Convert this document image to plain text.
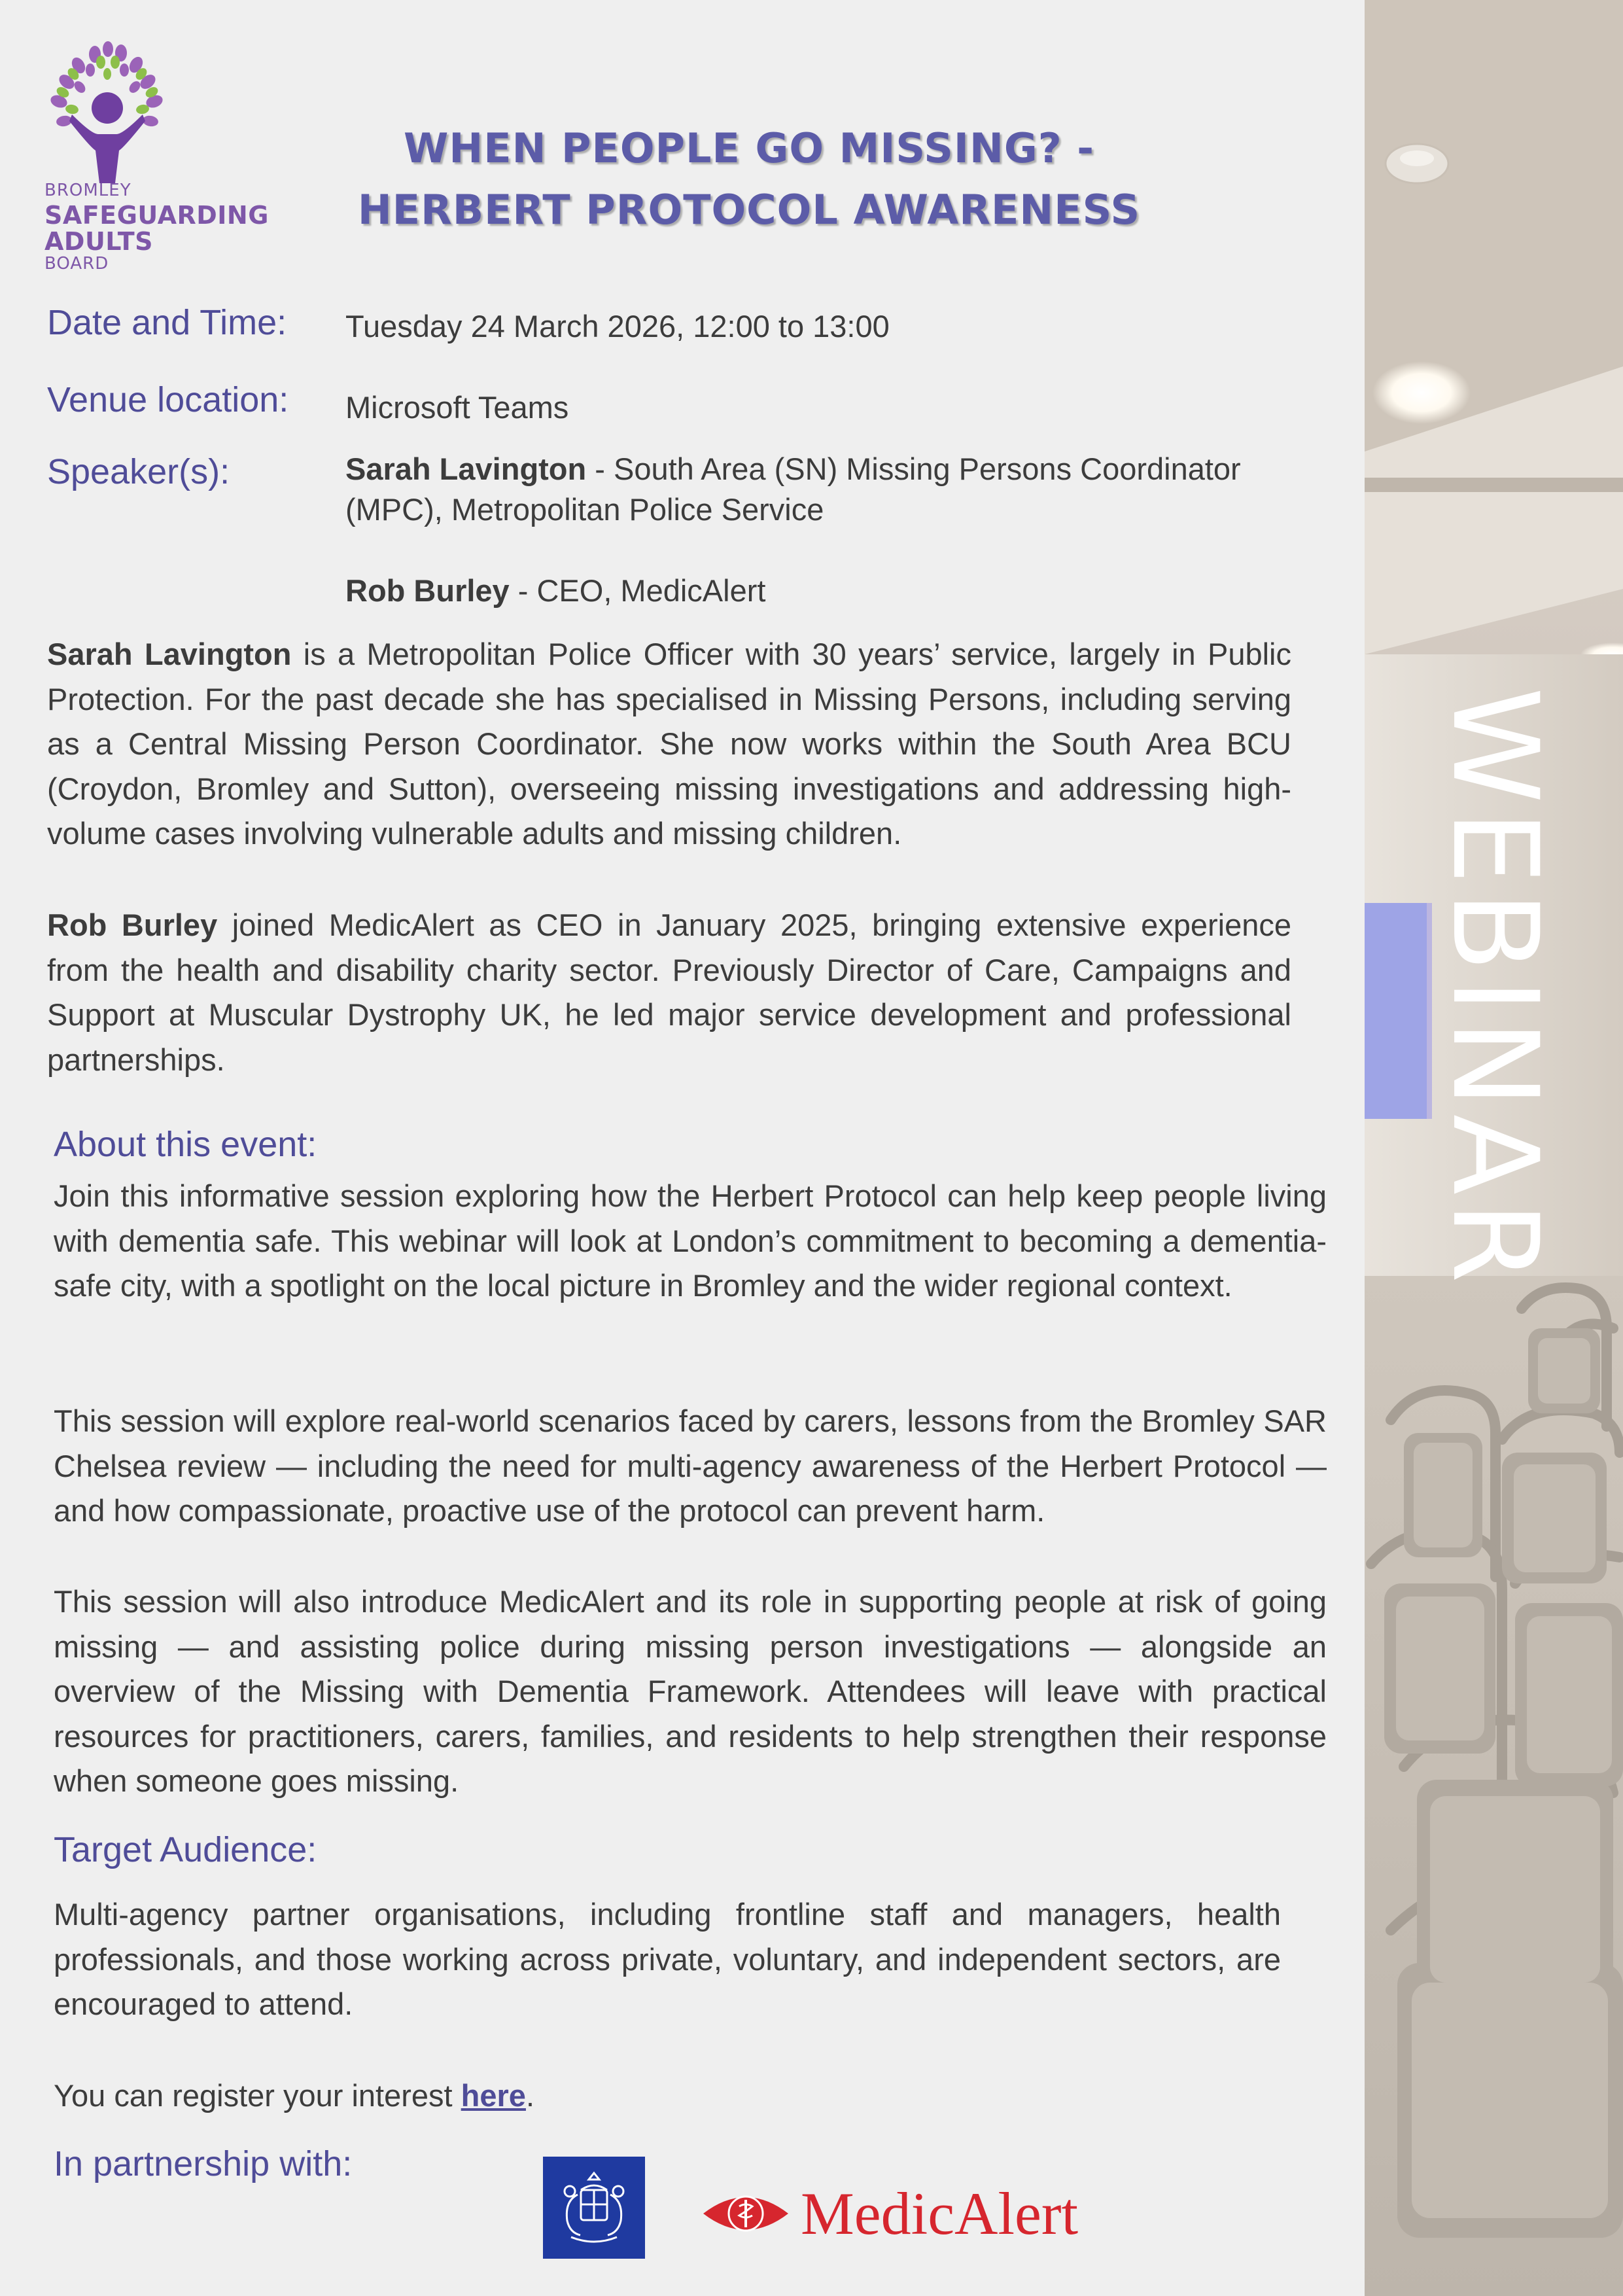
WEBINAR
BROMLEY
SAFEGUARDING
ADULTS
BOARD
WHEN PEOPLE GO MISSING? -
HERBERT PROTOCOL AWARENESS
Date and Time: Tuesday 24 March 2026, 12:00 to 13:00
Venue location: Microsoft Teams
Speaker(s):	Sarah Lavington - South Area (SN) Missing Persons Coordinator (MPC), Metropolitan Police Service
Rob Burley - CEO, MedicAlert
Sarah Lavington is a Metropolitan Police Officer with 30 years’ service, largely in Public Protection. For the past decade she has specialised in Missing Persons, including serving as a Central Missing Person Coordinator. She now works within the South Area BCU (Croydon, Bromley and Sutton), overseeing missing investigations and addressing high-volume cases involving vulnerable adults and missing children.
Rob Burley joined MedicAlert as CEO in January 2025, bringing extensive experience from the health and disability charity sector. Previously Director of Care, Campaigns and Support at Muscular Dystrophy UK, he led major service development and professional partnerships.
About this event:
Join this informative session exploring how the Herbert Protocol can help keep people living with dementia safe. This webinar will look at London’s commitment to becoming a dementia-safe city, with a spotlight on the local picture in Bromley and the wider regional context.
This session will explore real-world scenarios faced by carers, lessons from the Bromley SAR Chelsea review — including the need for multi-agency awareness of the Herbert Protocol — and how compassionate, proactive use of the protocol can prevent harm.
This session will also introduce MedicAlert and its role in supporting people at risk of going missing — and assisting police during missing person investigations — alongside an overview of the Missing with Dementia Framework. Attendees will leave with practical resources for practitioners, carers, families, and residents to help strengthen their response when someone goes missing.
Target Audience:
Multi-agency partner organisations, including frontline staff and managers, health professionals, and those working across private, voluntary, and independent sectors, are encouraged to attend.
You can register your interest here.
In partnership with:
MedicAlert
